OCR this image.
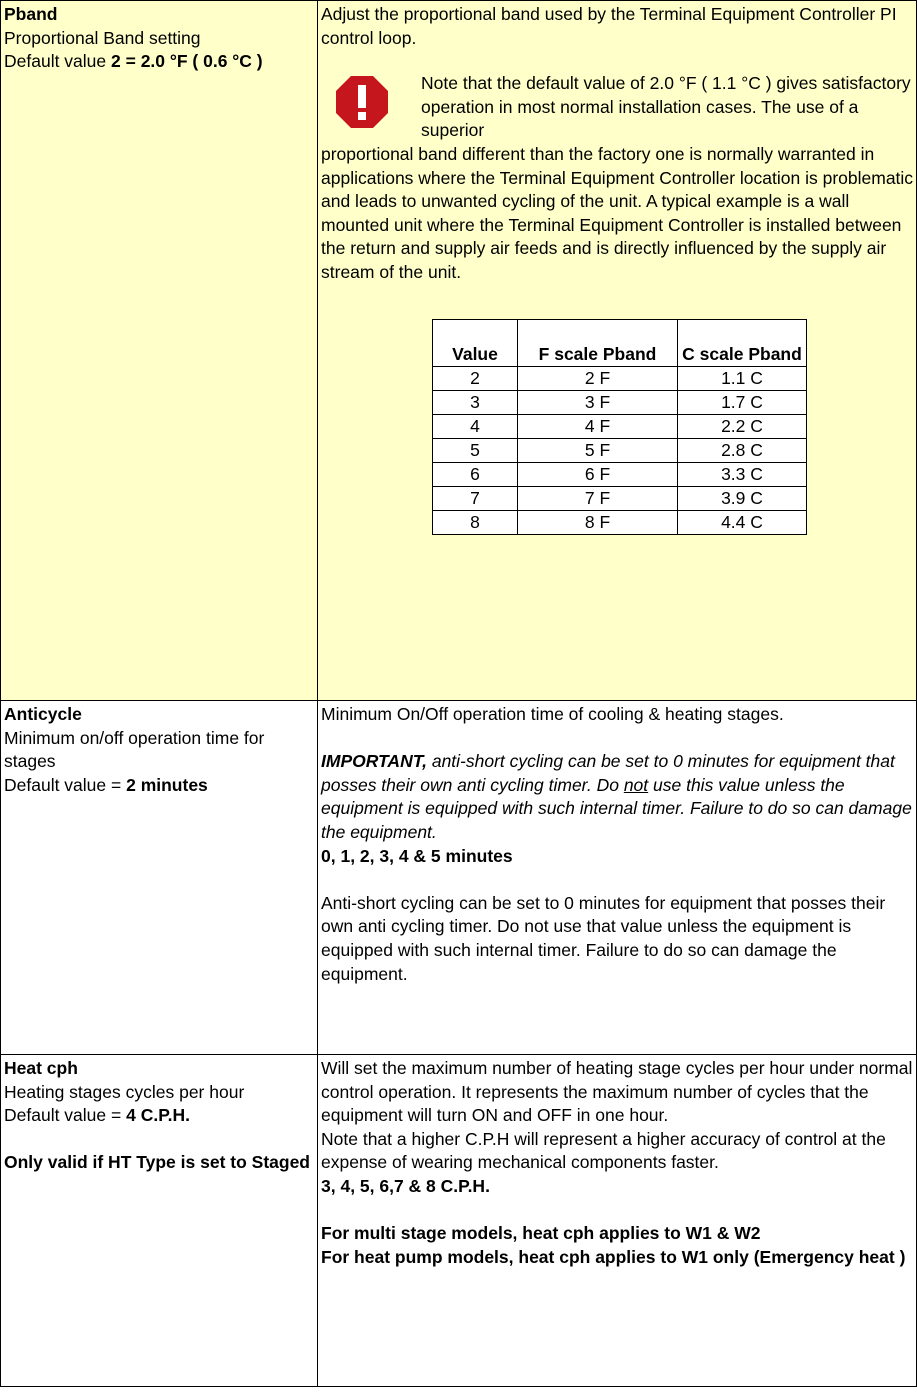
Pband

Proportional Band setting

Default value 2 = 2.0 °F ( 0.6 °C )

Adjust the proportional band used by the Terminal Equipment Controller PI control loop.

Note that the default value of 2.0 °F ( 1.1 °C ) gives satisfactory operation in most normal installation cases. The use of a superior

proportional band different than the factory one is normally warranted in applications where the Terminal Equipment Controller location is problematic and leads to unwanted cycling of the unit. A typical example is a wall mounted unit where the Terminal Equipment Controller is installed between the return and supply air feeds and is directly influenced by the supply air stream of the unit.

Value	F scale Pband	C scale Pband
2	2 F	1.1 C
3	3 F	1.7 C
4	4 F	2.2 C
5	5 F	2.8 C
6	6 F	3.3 C
7	7 F	3.9 C
8	8 F	4.4 C

Anticycle

Minimum on/off operation time for stages

Default value = 2 minutes

Minimum On/Off operation time of cooling & heating stages.

IMPORTANT, anti-short cycling can be set to 0 minutes for equipment that posses their own anti cycling timer. Do not use this value unless the equipment is equipped with such internal timer. Failure to do so can damage the equipment.

0, 1, 2, 3, 4 & 5 minutes

Anti-short cycling can be set to 0 minutes for equipment that posses their own anti cycling timer. Do not use that value unless the equipment is equipped with such internal timer. Failure to do so can damage the equipment.

Heat cph

Heating stages cycles per hour

Default value = 4 C.P.H.

Only valid if HT Type is set to Staged

Will set the maximum number of heating stage cycles per hour under normal control operation. It represents the maximum number of cycles that the equipment will turn ON and OFF in one hour.

Note that a higher C.P.H will represent a higher accuracy of control at the expense of wearing mechanical components faster.

3, 4, 5, 6,7 & 8 C.P.H.

For multi stage models, heat cph applies to W1 & W2

For heat pump models, heat cph applies to W1 only (Emergency heat )
